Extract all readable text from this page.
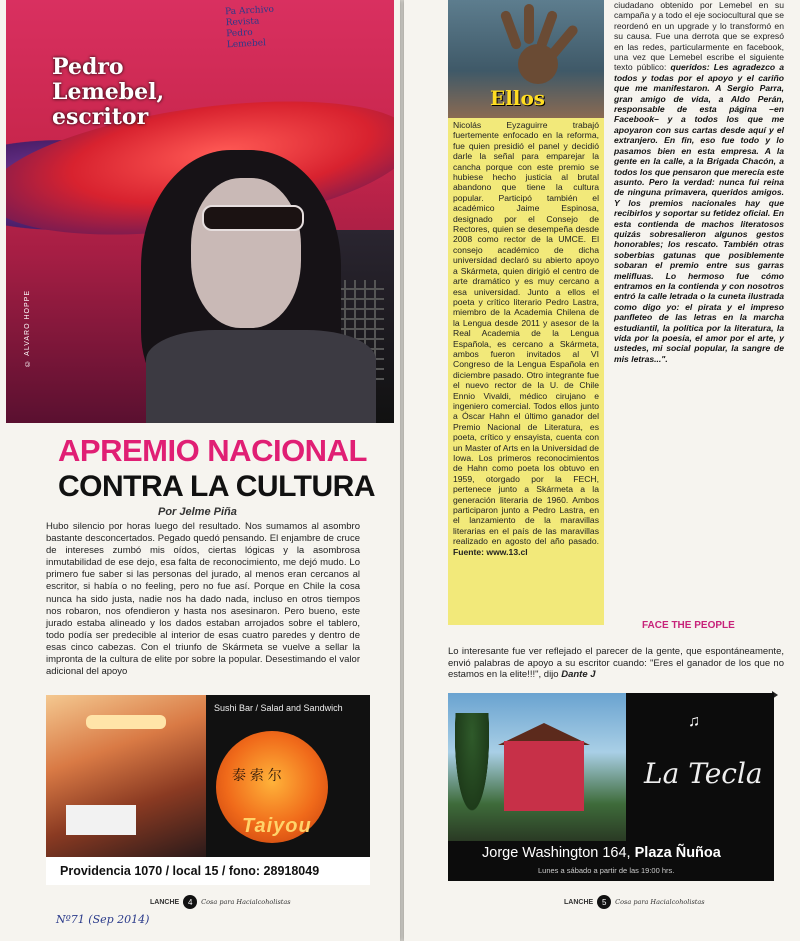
Pa Archivo
Revista
Pedro
Lemebel
Pedro
Lemebel,
escritor
© ALVARO HOPPE
APREMIO NACIONAL
CONTRA LA CULTURA
Por Jelme Piña
Hubo silencio por horas luego del resultado. Nos sumamos al asombro bastante desconcertados. Pegado quedó pensando. El enjambre de cruce de intereses zumbó mis oídos, ciertas lógicas y la asombrosa inmutabilidad de ese dejo, esa falta de reconocimiento, me dejó mudo. Lo primero fue saber si las personas del jurado, al menos eran cercanos al escritor, si había o no feeling, pero no fue así. Porque en Chile la cosa nunca ha sido justa, nadie nos ha dado nada, incluso en otros tiempos nos robaron, nos ofendieron y hasta nos asesinaron. Pero bueno, este jurado estaba alineado y los dados estaban arrojados sobre el tablero, todo podía ser predecible al interior de esas cuatro paredes y dentro de esas cinco cabezas. Con el triunfo de Skármeta se vuelve a sellar la impronta de la cultura de elite por sobre la popular. Desestimando el valor adicional del apoyo
Sushi Bar / Salad and Sandwich
泰 索 尔
Taiyou
Providencia 1070 / local 15 / fono: 28918049
LANCHE	4	Cosa para Hacialcoholistas
Nº71 (Sep 2014)
Ellos
Nicolás Eyzaguirre trabajó fuertemente enfocado en la reforma, fue quien presidió el panel y decidió darle la señal para emparejar la cancha porque con este premio se hubiese hecho justicia al brutal abandono que tiene la cultura popular. Participó también el académico Jaime Espinosa, designado por el Consejo de Rectores, quien se desempeña desde 2008 como rector de la UMCE. El consejo académico de dicha universidad declaró su abierto apoyo a Skármeta, quien dirigió el centro de arte dramático y es muy cercano a esa universidad. Junto a ellos el poeta y crítico literario Pedro Lastra, miembro de la Academia Chilena de la Lengua desde 2011 y asesor de la Real Academia de la Lengua Española, es cercano a Skármeta, ambos fueron invitados al VI Congreso de la Lengua Española en diciembre pasado. Otro integrante fue el nuevo rector de la U. de Chile Ennio Vivaldi, médico cirujano e ingeniero comercial. Todos ellos junto a Óscar Hahn el último ganador del Premio Nacional de Literatura, es poeta, crítico y ensayista, cuenta con un Master of Arts en la Universidad de Iowa. Los primeros reconocimientos de Hahn como poeta los obtuvo en 1959, otorgado por la FECH, pertenece junto a Skármeta a la generación literaria de 1960. Ambos participaron junto a Pedro Lastra, en el lanzamiento de la maravillas literarias en el país de las maravillas realizado en agosto del año pasado. Fuente: www.13.cl
ciudadano obtenido por Lemebel en su campaña y a todo el eje sociocultural que se reordenó en un upgrade y lo transformó en su causa. Fue una derrota que se expresó en las redes, particularmente en facebook, una vez que Lemebel escribe el siguiente texto público: queridos: Les agradezco a todos y todas por el apoyo y el cariño que me manifestaron. A Sergio Parra, gran amigo de vida, a Aldo Perán, responsable de esta página –en Facebook– y a todos los que me apoyaron con sus cartas desde aquí y el extranjero. En fin, eso fue todo y lo pasamos bien en esta empresa. A la gente en la calle, a la Brigada Chacón, a todos los que pensaron que merecía este asunto. Pero la verdad: nunca fui reina de ninguna primavera, queridos amigos. Y los premios nacionales hay que recibirlos y soportar su fetidez oficial. En esta contienda de machos literatosos quizás sobresalieron algunos gestos honorables; los rescato. También otras soberbias gatunas que posiblemente sobaran el premio entre sus garras melifluas. Lo hermoso fue cómo entramos en la contienda y con nosotros entró la calle letrada o la cuneta ilustrada como digo yo: el pirata y el impreso panfleteo de las letras en la marcha estudiantil, la política por la literatura, la vida por la poesía, el amor por el arte, y ustedes, mi social popular, la sangre de mis letras...".
FACE THE PEOPLE
Lo interesante fue ver reflejado el parecer de la gente, que espontáneamente, envió palabras de apoyo a su escritor cuando: "Eres el ganador de los que no estamos en la elite!!!", dijo Dante J
♫
La Tecla
Jorge Washington 164, Plaza Ñuñoa
Lunes a sábado a partir de las 19:00 hrs.
LANCHE	5	Cosa para Hacialcoholistas
